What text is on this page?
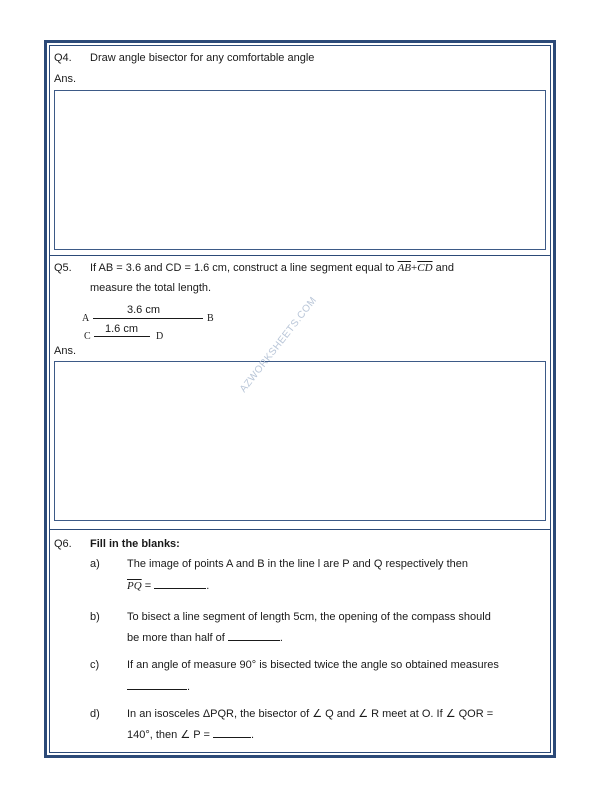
Q4. Draw angle bisector for any comfortable angle
Ans.
Q5. If AB = 3.6 and CD = 1.6 cm, construct a line segment equal to $\overline{AB}+\overline{CD}$ and
measure the total length.
3.6 cm
A	B
1.6 cm
C	D
Ans.	AZWORKSHEETS.COM
Q6. Fill in the blanks:
a) The image of points A and B in the line l are P and Q respectively then
$\overline{PQ}$ =	.
b) To bisect a line segment of length 5cm, the opening of the compass should
be more than half of	.
c)	If an angle of measure 90° is bisected twice the angle so obtained measures
.
d) In an isosceles ΔPQR, the bisector of ∠ Q and ∠ R meet at O. If ∠ QOR =
140°, then ∠ P =	.
